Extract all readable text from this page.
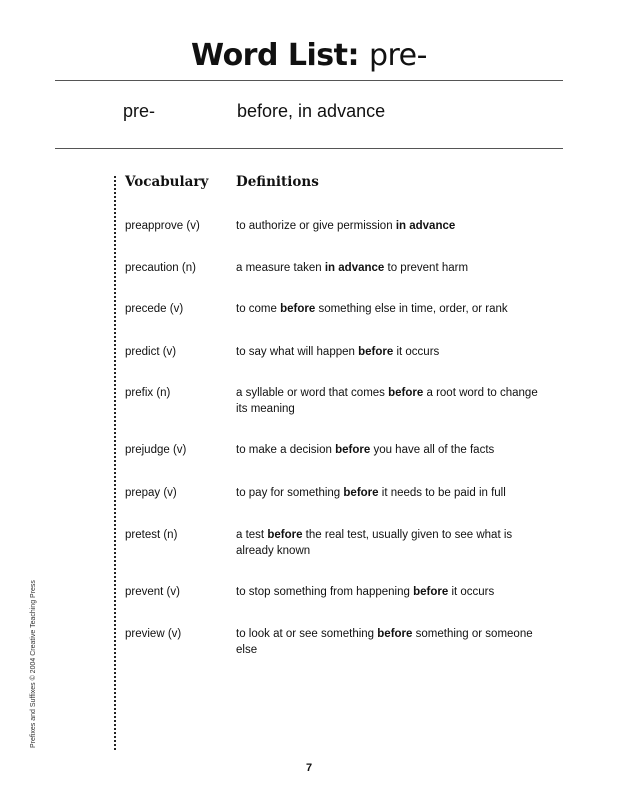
Word List: pre-
pre-	before, in advance
Vocabulary Definitions
preapprove (v)	to authorize or give permission in advance
precaution (n)	a measure taken in advance to prevent harm
precede (v)	to come before something else in time, order, or rank
predict (v)	to say what will happen before it occurs
prefix (n)	a syllable or word that comes before a root word to change its meaning
prejudge (v)	to make a decision before you have all of the facts
prepay (v)	to pay for something before it needs to be paid in full
pretest (n)	a test before the real test, usually given to see what is already known
prevent (v)	to stop something from happening before it occurs
preview (v)	to look at or see something before something or someone else
Prefixes and Suffixes © 2004 Creative Teaching Press
7
